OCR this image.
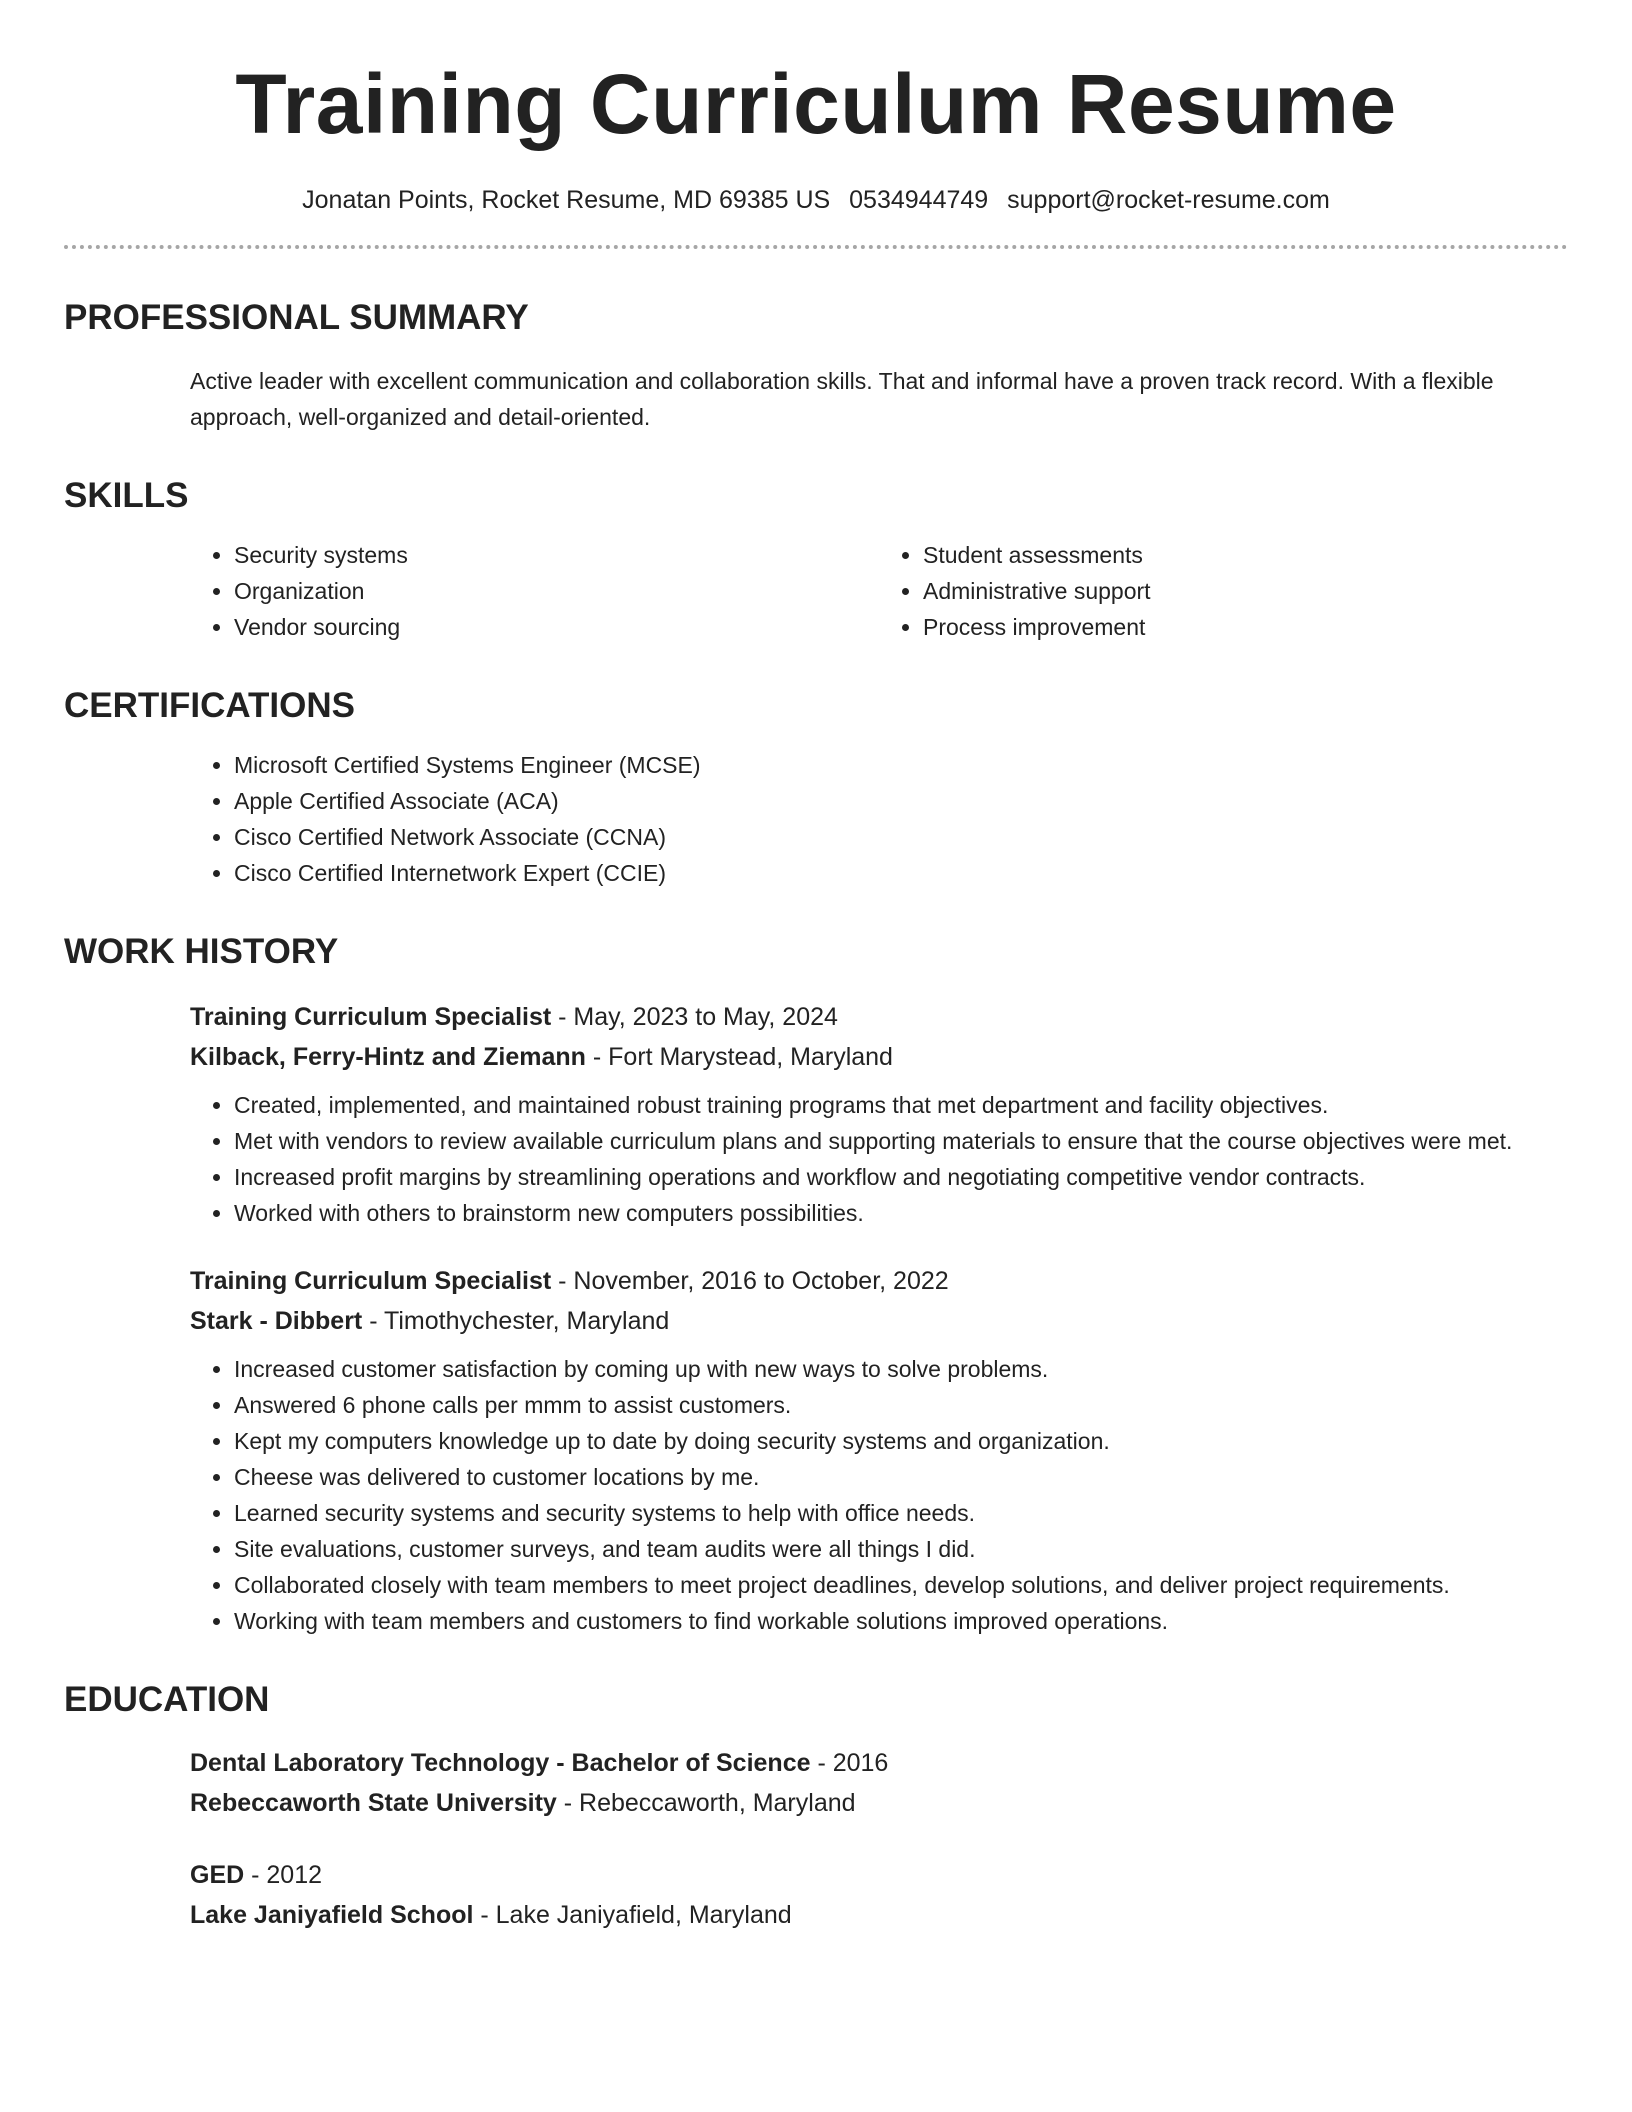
Training Curriculum Resume
Jonatan Points, Rocket Resume, MD 69385 US 0534944749 support@rocket-resume.com
PROFESSIONAL SUMMARY
Active leader with excellent communication and collaboration skills. That and informal have a proven track record. With a flexible approach, well-organized and detail-oriented.
SKILLS
• Security systems
• Organization
• Vendor sourcing
• Student assessments
• Administrative support
• Process improvement
CERTIFICATIONS
• Microsoft Certified Systems Engineer (MCSE)
• Apple Certified Associate (ACA)
• Cisco Certified Network Associate (CCNA)
• Cisco Certified Internetwork Expert (CCIE)
WORK HISTORY
Training Curriculum Specialist - May, 2023 to May, 2024
Kilback, Ferry-Hintz and Ziemann - Fort Marystead, Maryland
• Created, implemented, and maintained robust training programs that met department and facility objectives.
• Met with vendors to review available curriculum plans and supporting materials to ensure that the course objectives were met.
• Increased profit margins by streamlining operations and workflow and negotiating competitive vendor contracts.
• Worked with others to brainstorm new computers possibilities.
Training Curriculum Specialist - November, 2016 to October, 2022
Stark - Dibbert - Timothychester, Maryland
• Increased customer satisfaction by coming up with new ways to solve problems.
• Answered 6 phone calls per mmm to assist customers.
• Kept my computers knowledge up to date by doing security systems and organization.
• Cheese was delivered to customer locations by me.
• Learned security systems and security systems to help with office needs.
• Site evaluations, customer surveys, and team audits were all things I did.
• Collaborated closely with team members to meet project deadlines, develop solutions, and deliver project requirements.
• Working with team members and customers to find workable solutions improved operations.
EDUCATION
Dental Laboratory Technology - Bachelor of Science - 2016
Rebeccaworth State University - Rebeccaworth, Maryland
GED - 2012
Lake Janiyafield School - Lake Janiyafield, Maryland
